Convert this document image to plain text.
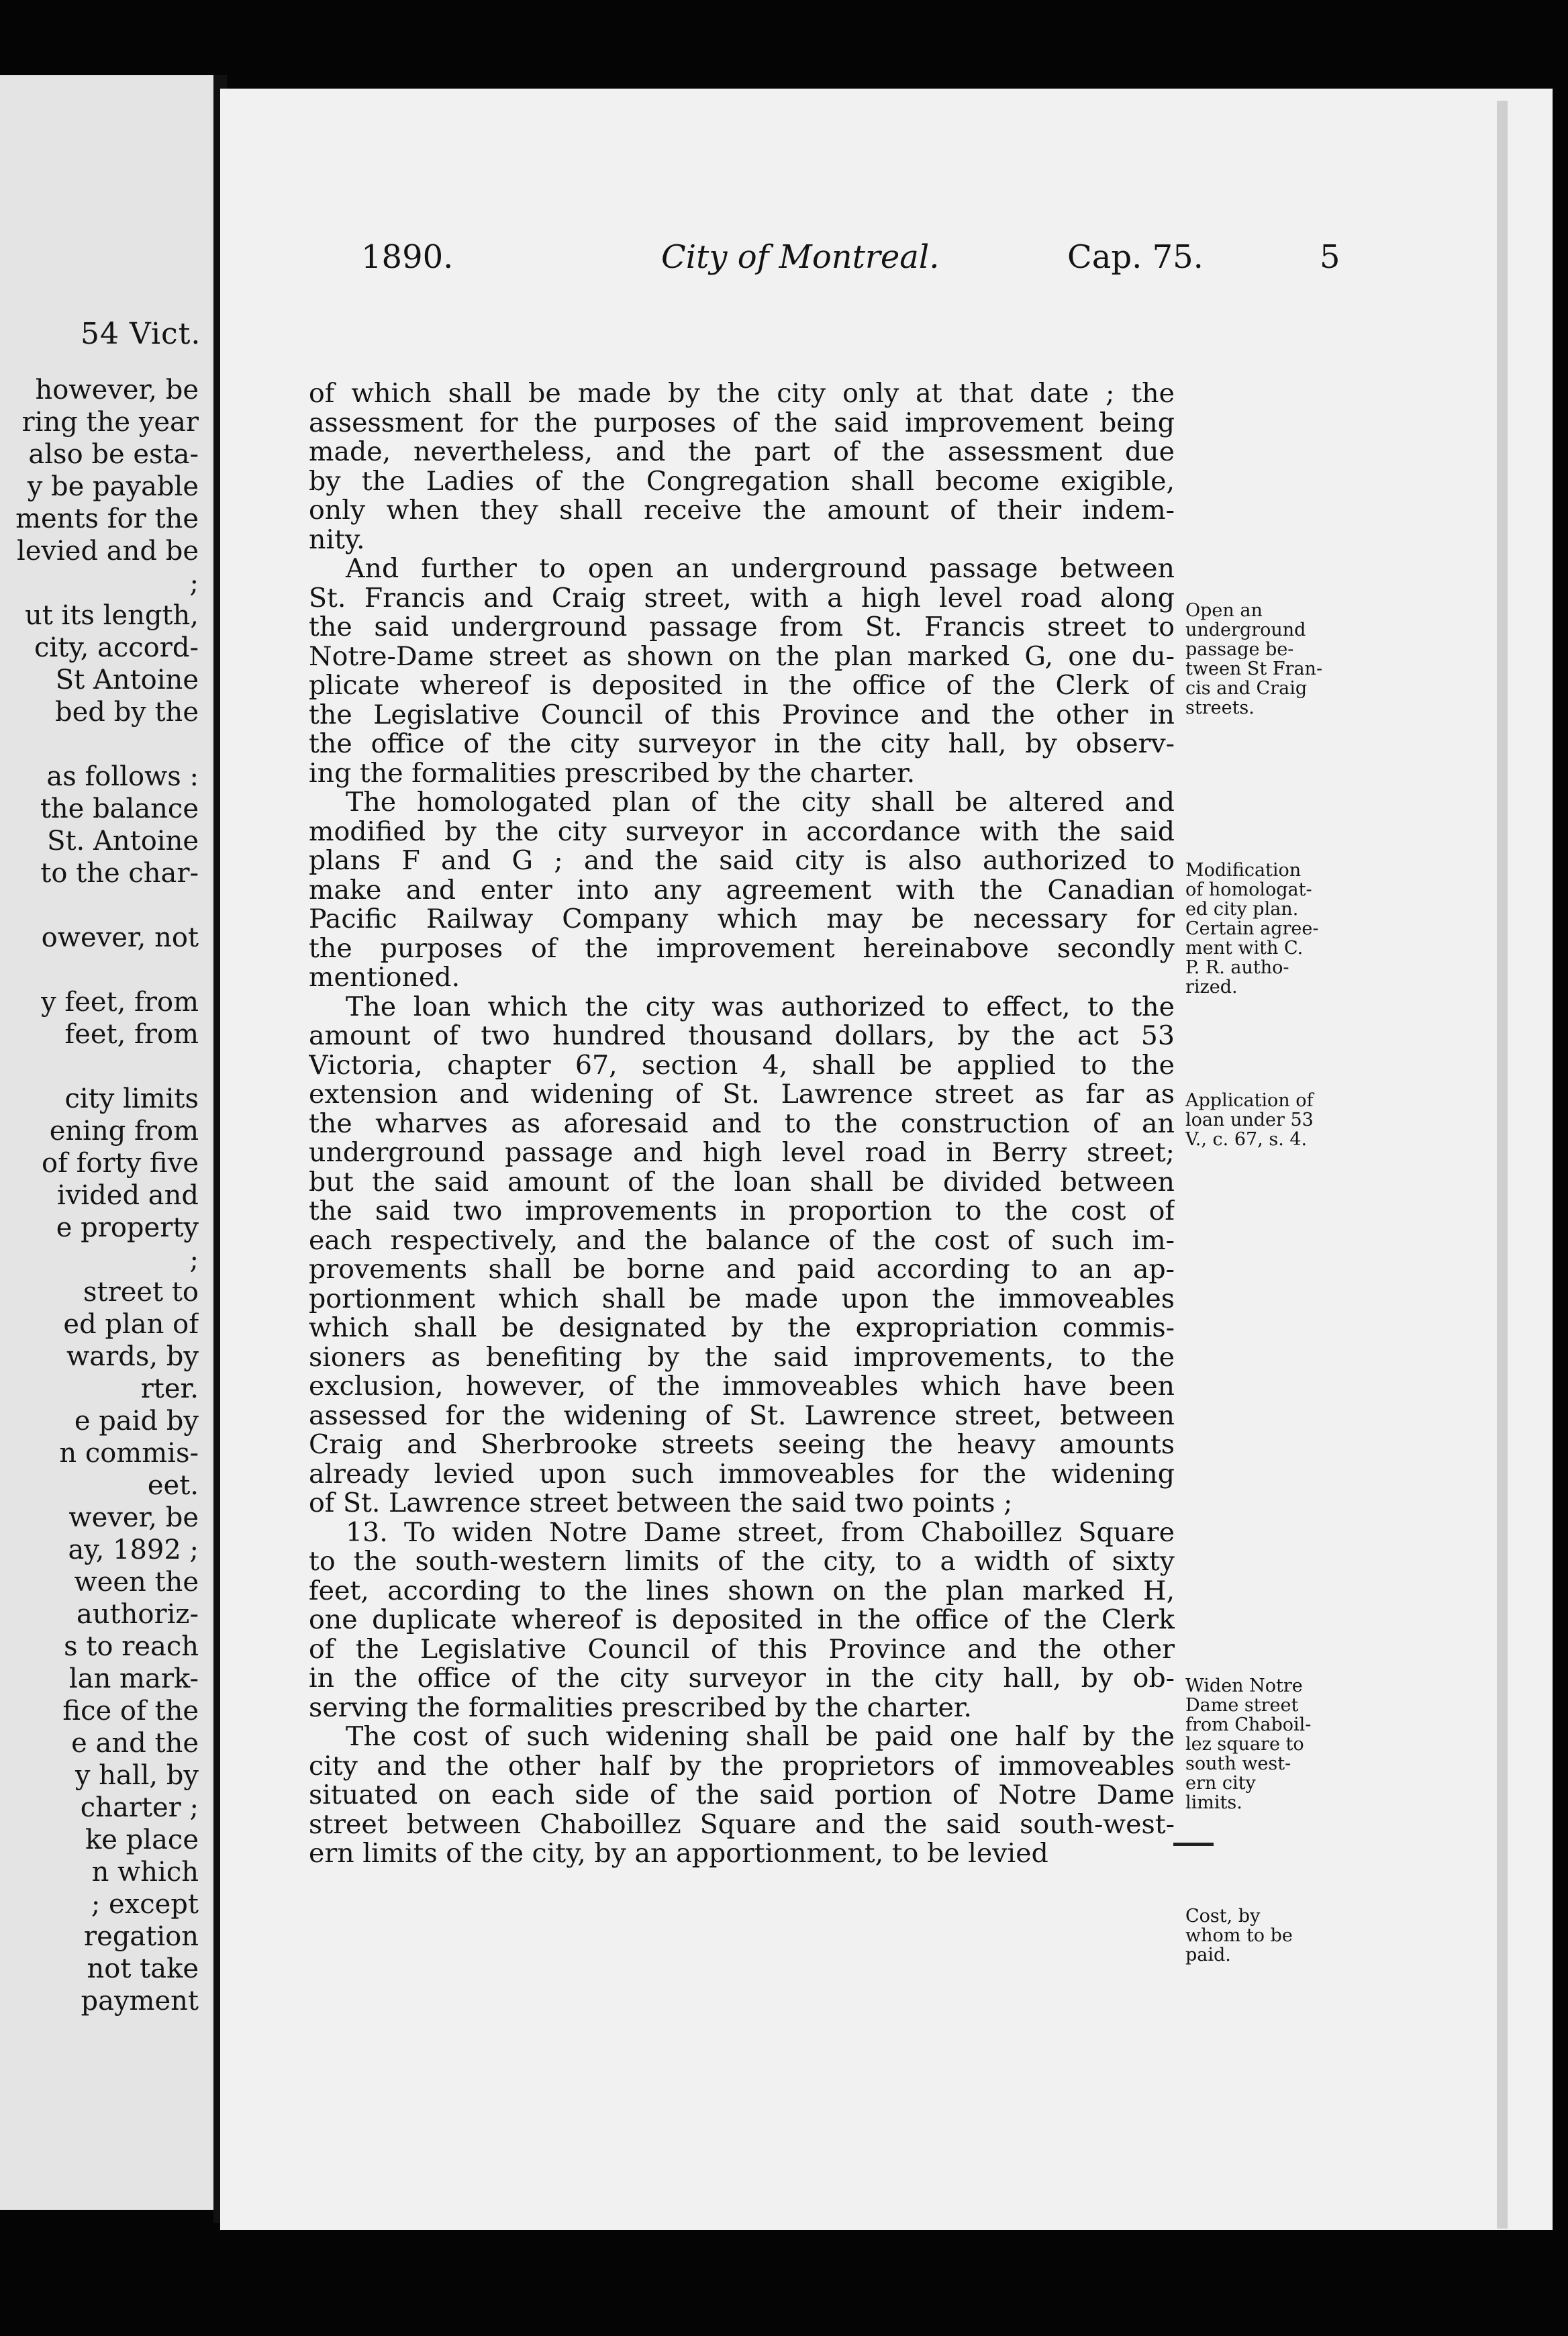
54 Vict.
however, be
ring the year
also be esta-
y be payable
ments for the
levied and be
;
ut its length,
city, accord-
St Antoine
bed by the
as follows :
the balance
St. Antoine
to the char-
owever, not
y feet, from
feet, from
city limits
ening from
of forty five
ivided and
e property
;
street to
ed plan of
wards, by
rter.
e paid by
n commis-
eet.
wever, be
ay, 1892 ;
ween the
authoriz-
s to reach
lan mark-
fice of the
e and the
y hall, by
charter ;
ke place
n which
; except
regation
not take
payment
1890.	City of Montreal.	Cap. 75.	5
of which shall be made by the city only at that date ; the
assessment for the purposes of the said improvement being
made, nevertheless, and the part of the assessment due
by the Ladies of the Congregation shall become exigible,
only when they shall receive the amount of their indem-
nity.
And further to open an underground passage between
St. Francis and Craig street, with a high level road along
the said underground passage from St. Francis street to
Notre-Dame street as shown on the plan marked G, one du-
plicate whereof is deposited in the office of the Clerk of
the Legislative Council of this Province and the other in
the office of the city surveyor in the city hall, by observ-
ing the formalities prescribed by the charter.
The homologated plan of the city shall be altered and
modified by the city surveyor in accordance with the said
plans F and G ; and the said city is also authorized to
make and enter into any agreement with the Canadian
Pacific Railway Company which may be necessary for
the purposes of the improvement hereinabove secondly
mentioned.
The loan which the city was authorized to effect, to the
amount of two hundred thousand dollars, by the act 53
Victoria, chapter 67, section 4, shall be applied to the
extension and widening of St. Lawrence street as far as
the wharves as aforesaid and to the construction of an
underground passage and high level road in Berry street;
but the said amount of the loan shall be divided between
the said two improvements in proportion to the cost of
each respectively, and the balance of the cost of such im-
provements shall be borne and paid according to an ap-
portionment which shall be made upon the immoveables
which shall be designated by the expropriation commis-
sioners as benefiting by the said improvements, to the
exclusion, however, of the immoveables which have been
assessed for the widening of St. Lawrence street, between
Craig and Sherbrooke streets seeing the heavy amounts
already levied upon such immoveables for the widening
of St. Lawrence street between the said two points ;
13. To widen Notre Dame street, from Chaboillez Square
to the south-western limits of the city, to a width of sixty
feet, according to the lines shown on the plan marked H,
one duplicate whereof is deposited in the office of the Clerk
of the Legislative Council of this Province and the other
in the office of the city surveyor in the city hall, by ob-
serving the formalities prescribed by the charter.
The cost of such widening shall be paid one half by the
city and the other half by the proprietors of immoveables
situated on each side of the said portion of Notre Dame
street between Chaboillez Square and the said south-west-
ern limits of the city, by an apportionment, to be levied
Open an
underground
passage be-
tween St Fran-
cis and Craig
streets.
Modification
of homologat-
ed city plan.
Certain agree-
ment with C.
P. R. autho-
rized.
Application of
loan under 53
V., c. 67, s. 4.
Widen Notre
Dame street
from Chaboil-
lez square to
south west-
ern city
limits.
Cost, by
whom to be
paid.
